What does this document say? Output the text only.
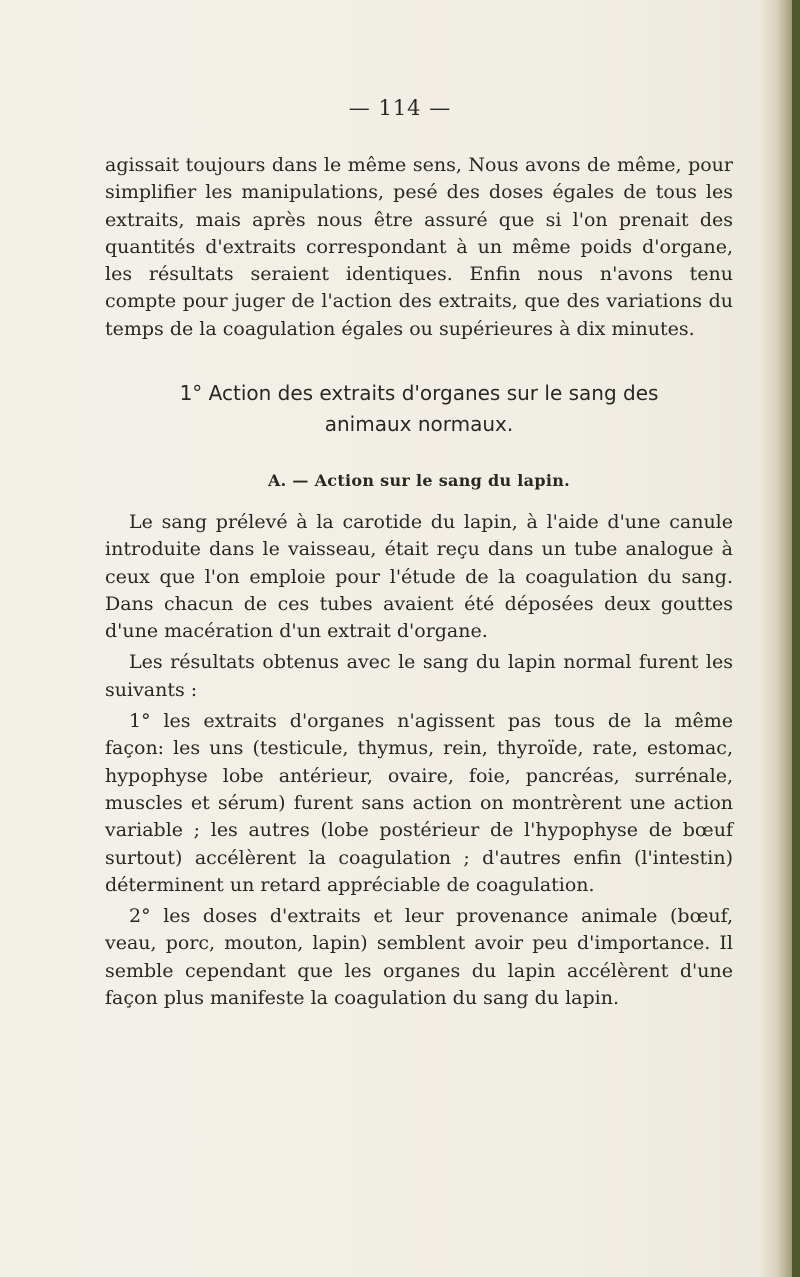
— 114 —

agissait toujours dans le même sens, Nous avons de même, pour simplifier les manipulations, pesé des doses égales de tous les extraits, mais après nous être assuré que si l'on prenait des quantités d'extraits correspondant à un même poids d'organe, les résultats seraient identiques. Enfin nous n'avons tenu compte pour juger de l'action des extraits, que des variations du temps de la coagulation égales ou supérieures à dix minutes.

1° Action des extraits d'organes sur le sang des
animaux normaux.
A. — Action sur le sang du lapin.

Le sang prélevé à la carotide du lapin, à l'aide d'une canule introduite dans le vaisseau, était reçu dans un tube analogue à ceux que l'on emploie pour l'étude de la coagulation du sang. Dans chacun de ces tubes avaient été déposées deux gouttes d'une macération d'un extrait d'organe.

Les résultats obtenus avec le sang du lapin normal furent les suivants :

1° les extraits d'organes n'agissent pas tous de la même façon: les uns (testicule, thymus, rein, thyroïde, rate, estomac, hypophyse lobe antérieur, ovaire, foie, pancréas, surrénale, muscles et sérum) furent sans action on montrèrent une action variable ; les autres (lobe postérieur de l'hypophyse de bœuf surtout) accélèrent la coagulation ; d'autres enfin (l'intestin) déterminent un retard appréciable de coagulation.

2° les doses d'extraits et leur provenance animale (bœuf, veau, porc, mouton, lapin) semblent avoir peu d'importance. Il semble cependant que les organes du lapin accélèrent d'une façon plus manifeste la coagulation du sang du lapin.
